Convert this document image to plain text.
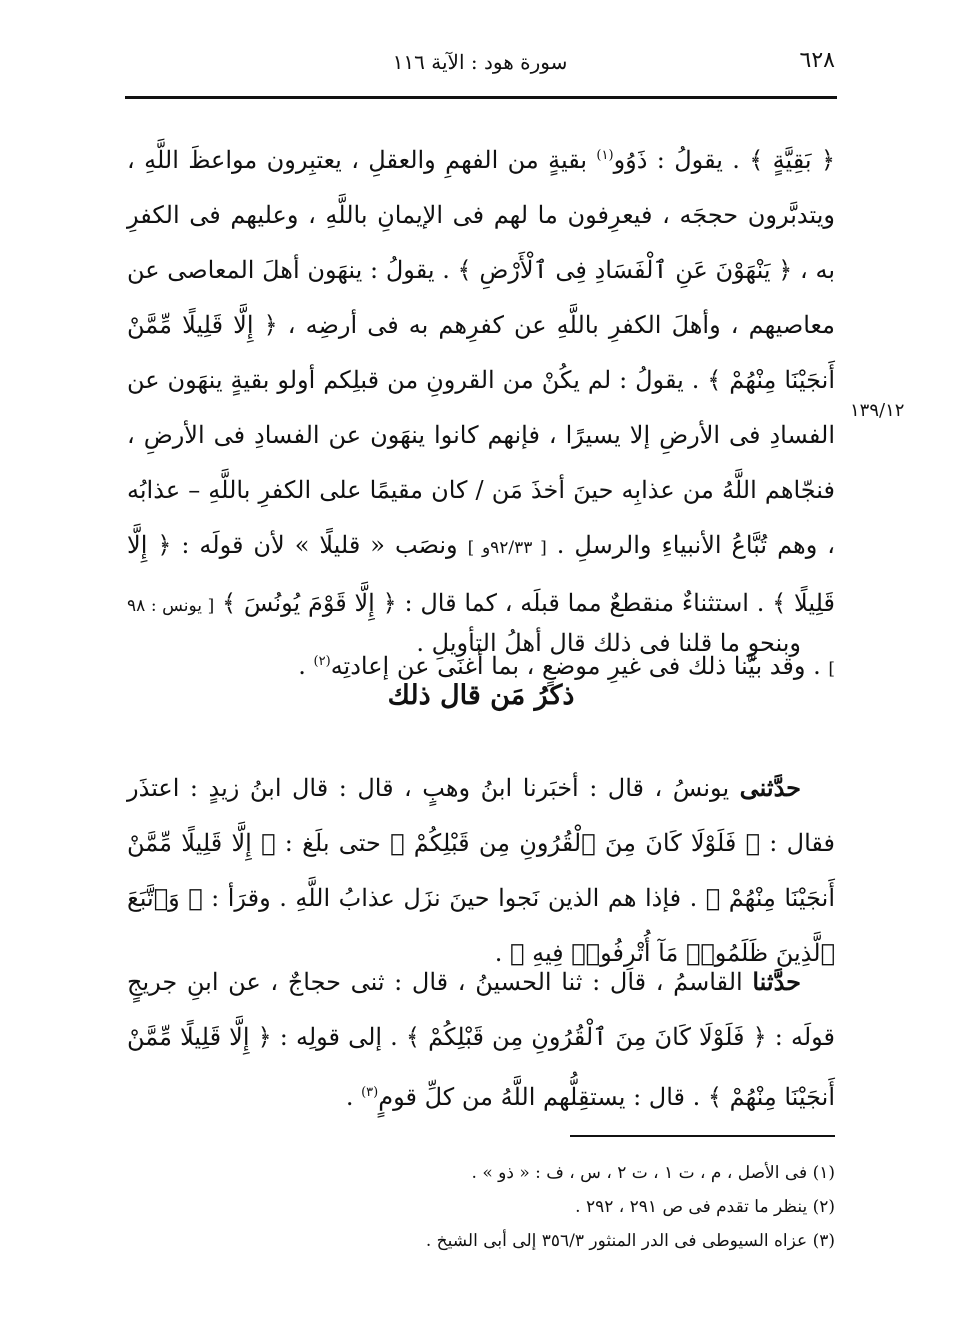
٦٢٨
سورة هود : الآية ١١٦
١٣٩/١٢

﴿ بَقِيَّةٍ ﴾ . يقولُ : ذَوُو$^{(١)}$ بقيةٍ من الفهمِ والعقلِ ، يعتبِرون مواعظَ اللَّهِ ، ويتدبَّرون حججَه ، فيعرِفون ما لهم فى الإيمانِ باللَّهِ ، وعليهم فى الكفرِ به ، ﴿ يَنْهَوْنَ عَنِ ٱلْفَسَادِ فِى ٱلْأَرْضِ ﴾ . يقولُ : ينهَون أهلَ المعاصى عن معاصيهم ، وأهلَ الكفرِ باللَّهِ عن كفرِهم به فى أرضِه ، ﴿ إِلَّا قَلِيلًا مِّمَّنْ أَنجَيْنَا مِنْهُمْ ﴾ . يقولُ : لم يكُنْ من القرونِ من قبلِكم أولو بقيةٍ ينهَون عن الفسادِ فى الأرضِ إلا يسيرًا ، فإنهم كانوا ينهَون عن الفسادِ فى الأرضِ ، فنجّاهم اللَّهُ من عذابِه حينَ أخذَ مَن / كان مقيمًا على الكفرِ باللَّهِ – عذابُه ، وهم تُبَّاعُ الأنبياءِ والرسلِ . [ ٩٢/٣٣و ] ونصَب « قليلًا » لأن قولَه : ﴿ إِلَّا قَلِيلًا ﴾ . استثناءٌ منقطعٌ مما قبلَه ، كما قال : ﴿ إِلَّا قَوْمَ يُونُسَ ﴾ [ يونس : ٩٨ ] . وقد بيَّنا ذلك فى غيرِ موضعٍ ، بما أغنَى عن إعادتِه$^{(٢)}$ .

وبنحوِ ما قلنا فى ذلك قال أهلُ التأويلِ .

ذكرُ مَن قال ذلك

حدَّثنى يونسُ ، قال : أخبَرنا ابنُ وهبٍ ، قال : قال ابنُ زيدٍ : اعتذَر فقال : ﴿ فَلَوْلَا كَانَ مِنَ ٱلْقُرُونِ مِن قَبْلِكُمْ ﴾ حتى بلَغ : ﴿ إِلَّا قَلِيلًا مِّمَّنْ أَنجَيْنَا مِنْهُمْ ﴾ . فإذا هم الذين نَجوا حينَ نزَل عذابُ اللَّهِ . وقرَأ : ﴿ وَٱتَّبَعَ ٱلَّذِينَ ظَلَمُوا۟ مَآ أُتْرِفُوا۟ فِيهِ ﴾ .

حدَّثنا القاسمُ ، قال : ثنا الحسينُ ، قال : ثنى حجاجٌ ، عن ابنِ جريجٍ قولَه : ﴿ فَلَوْلَا كَانَ مِنَ ٱلْقُرُونِ مِن قَبْلِكُمْ ﴾ . إلى قولِه : ﴿ إِلَّا قَلِيلًا مِّمَّنْ أَنجَيْنَا مِنْهُمْ ﴾ . قال : يستقِلُّهم اللَّهُ من كلِّ قومٍ$^{(٣)}$ .

(١) فى الأصل ، م ، ت ١ ، ت ٢ ، س ، ف : « ذو » .
(٢) ينظر ما تقدم فى ص ٢٩١ ، ٢٩٢ .
(٣) عزاه السيوطى فى الدر المنثور ٣٥٦/٣ إلى أبى الشيخ .
